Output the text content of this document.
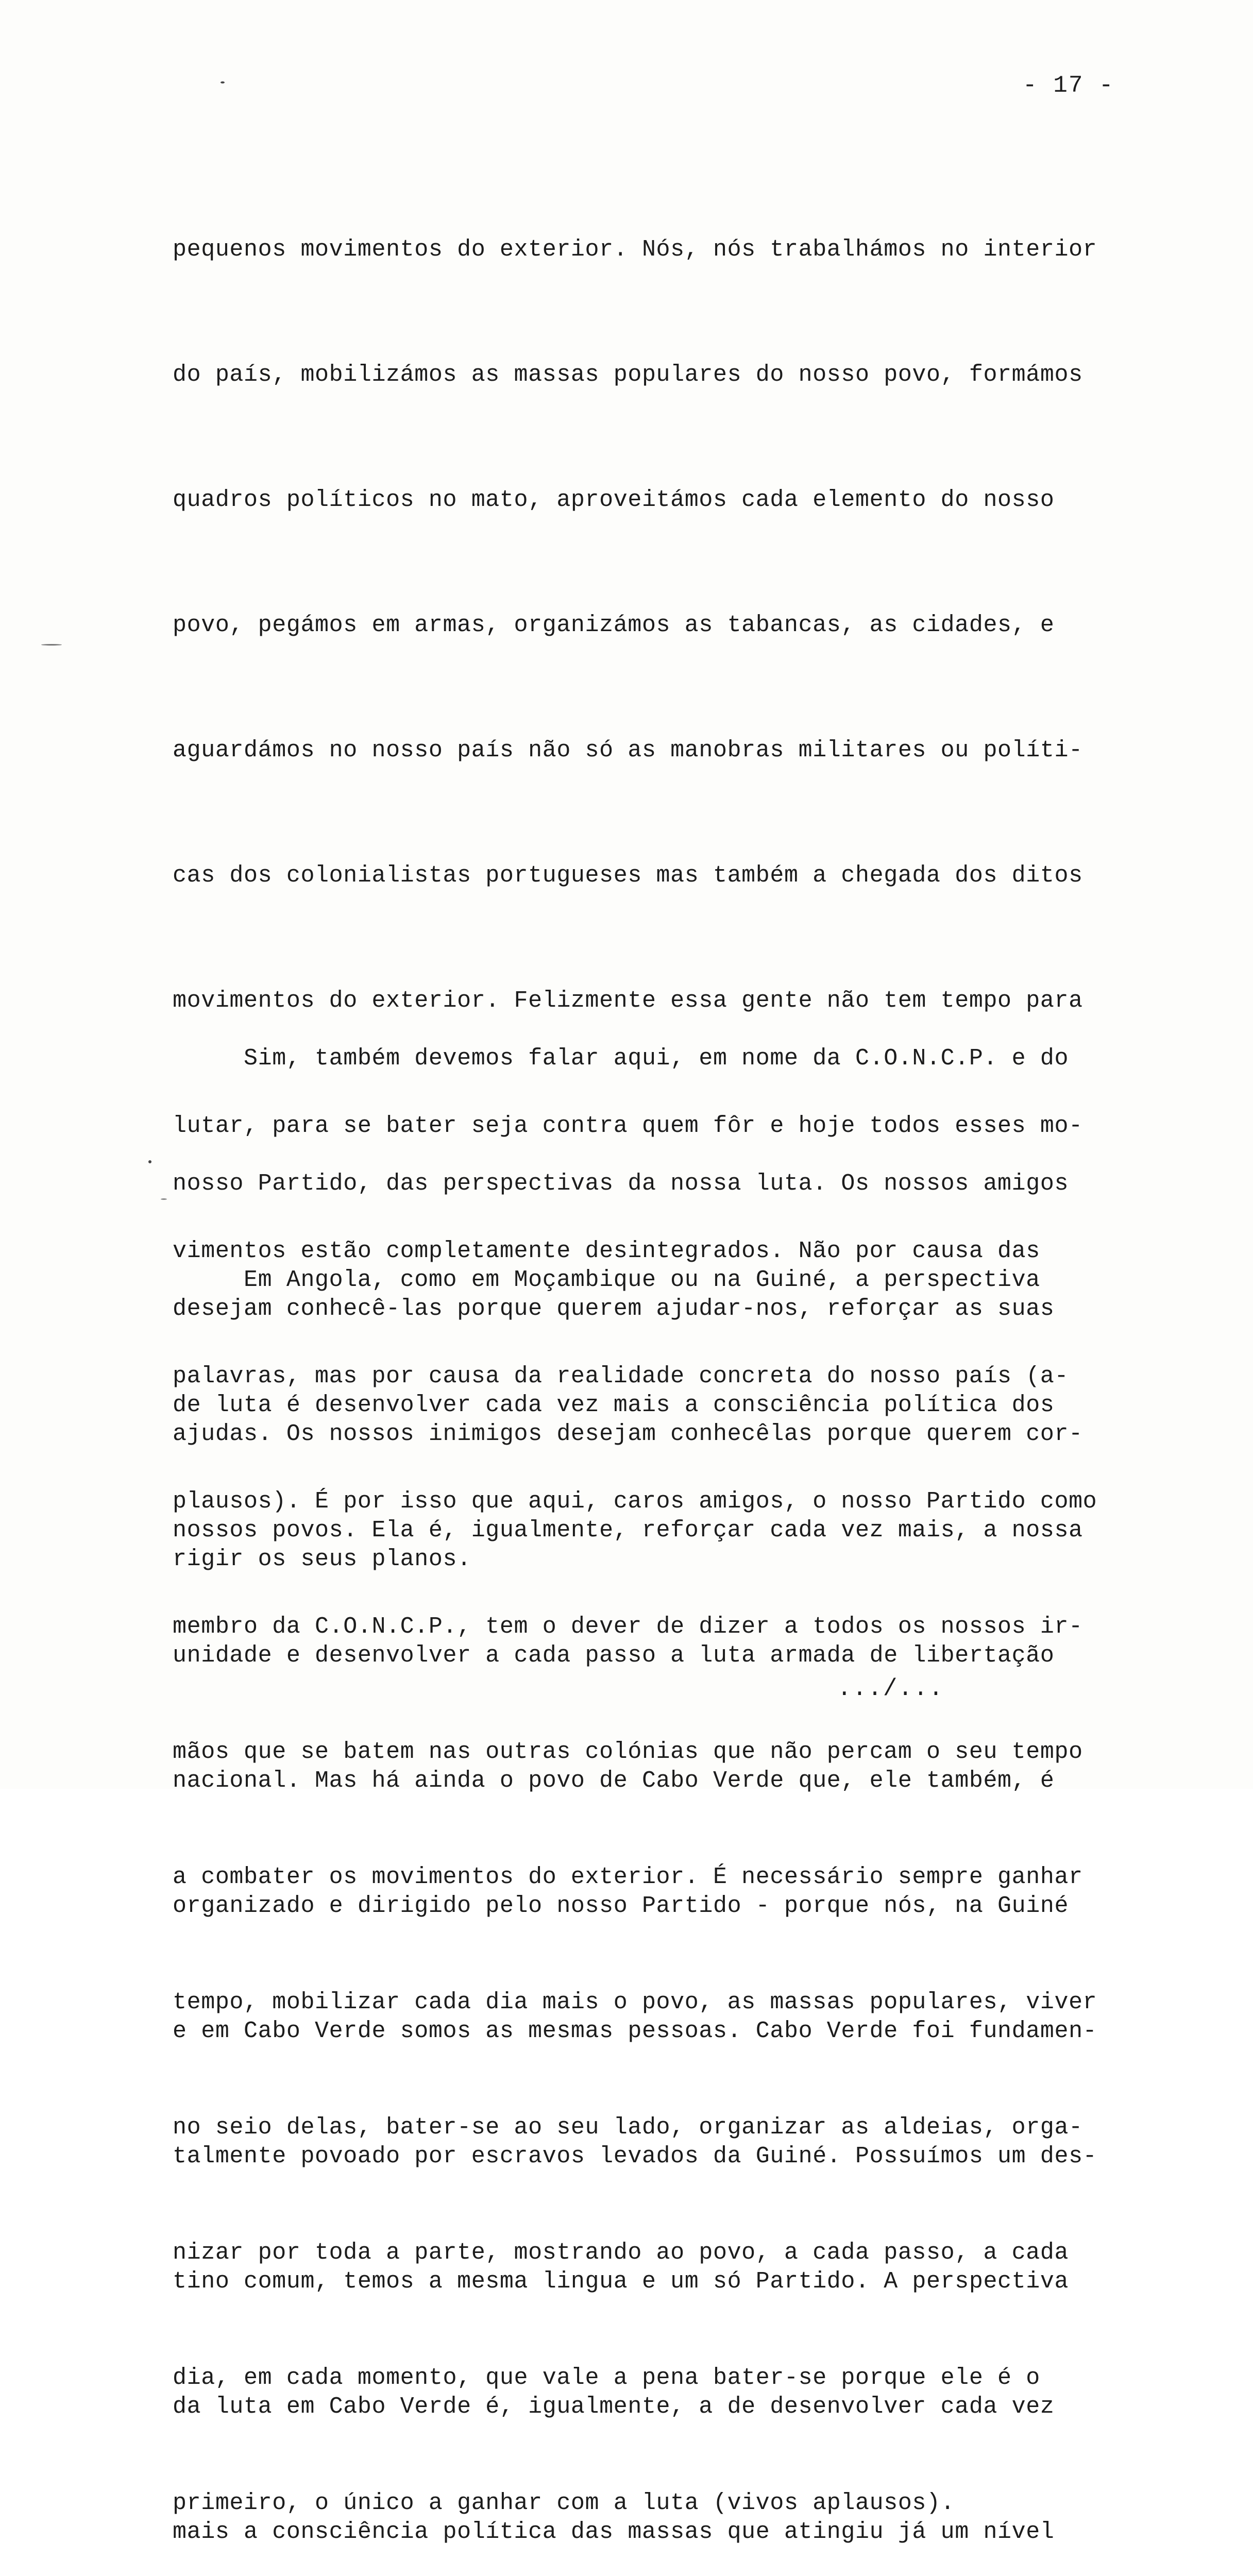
- 17 -

pequenos movimentos do exterior. Nós, nós trabalhámos no interior

do país, mobilizámos as massas populares do nosso povo, formámos

quadros políticos no mato, aproveitámos cada elemento do nosso

povo, pegámos em armas, organizámos as tabancas, as cidades, e

aguardámos no nosso país não só as manobras militares ou políti-

cas dos colonialistas portugueses mas também a chegada dos ditos

movimentos do exterior. Felizmente essa gente não tem tempo para

lutar, para se bater seja contra quem fôr e hoje todos esses mo-

vimentos estão completamente desintegrados. Não por causa das

palavras, mas por causa da realidade concreta do nosso país (a-

plausos). É por isso que aqui, caros amigos, o nosso Partido como

membro da C.O.N.C.P., tem o dever de dizer a todos os nossos ir-

mãos que se batem nas outras colónias que não percam o seu tempo

a combater os movimentos do exterior. É necessário sempre ganhar

tempo, mobilizar cada dia mais o povo, as massas populares, viver

no seio delas, bater-se ao seu lado, organizar as aldeias, orga-

nizar por toda a parte, mostrando ao povo, a cada passo, a cada

dia, em cada momento, que vale a pena bater-se porque ele é o

primeiro, o único a ganhar com a luta (vivos aplausos).

Sim, também devemos falar aqui, em nome da C.O.N.C.P. e do

nosso Partido, das perspectivas da nossa luta. Os nossos amigos

desejam conhecê-las porque querem ajudar-nos, reforçar as suas

ajudas. Os nossos inimigos desejam conhecêlas porque querem cor-

rigir os seus planos.

Em Angola, como em Moçambique ou na Guiné, a perspectiva

de luta é desenvolver cada vez mais a consciência política dos

nossos povos. Ela é, igualmente, reforçar cada vez mais, a nossa

unidade e desenvolver a cada passo a luta armada de libertação

nacional. Mas há ainda o povo de Cabo Verde que, ele também, é

organizado e dirigido pelo nosso Partido - porque nós, na Guiné

e em Cabo Verde somos as mesmas pessoas. Cabo Verde foi fundamen-

talmente povoado por escravos levados da Guiné. Possuímos um des-

tino comum, temos a mesma lingua e um só Partido. A perspectiva

da luta em Cabo Verde é, igualmente, a de desenvolver cada vez

mais a consciência política das massas que atingiu já um nível

.../...
